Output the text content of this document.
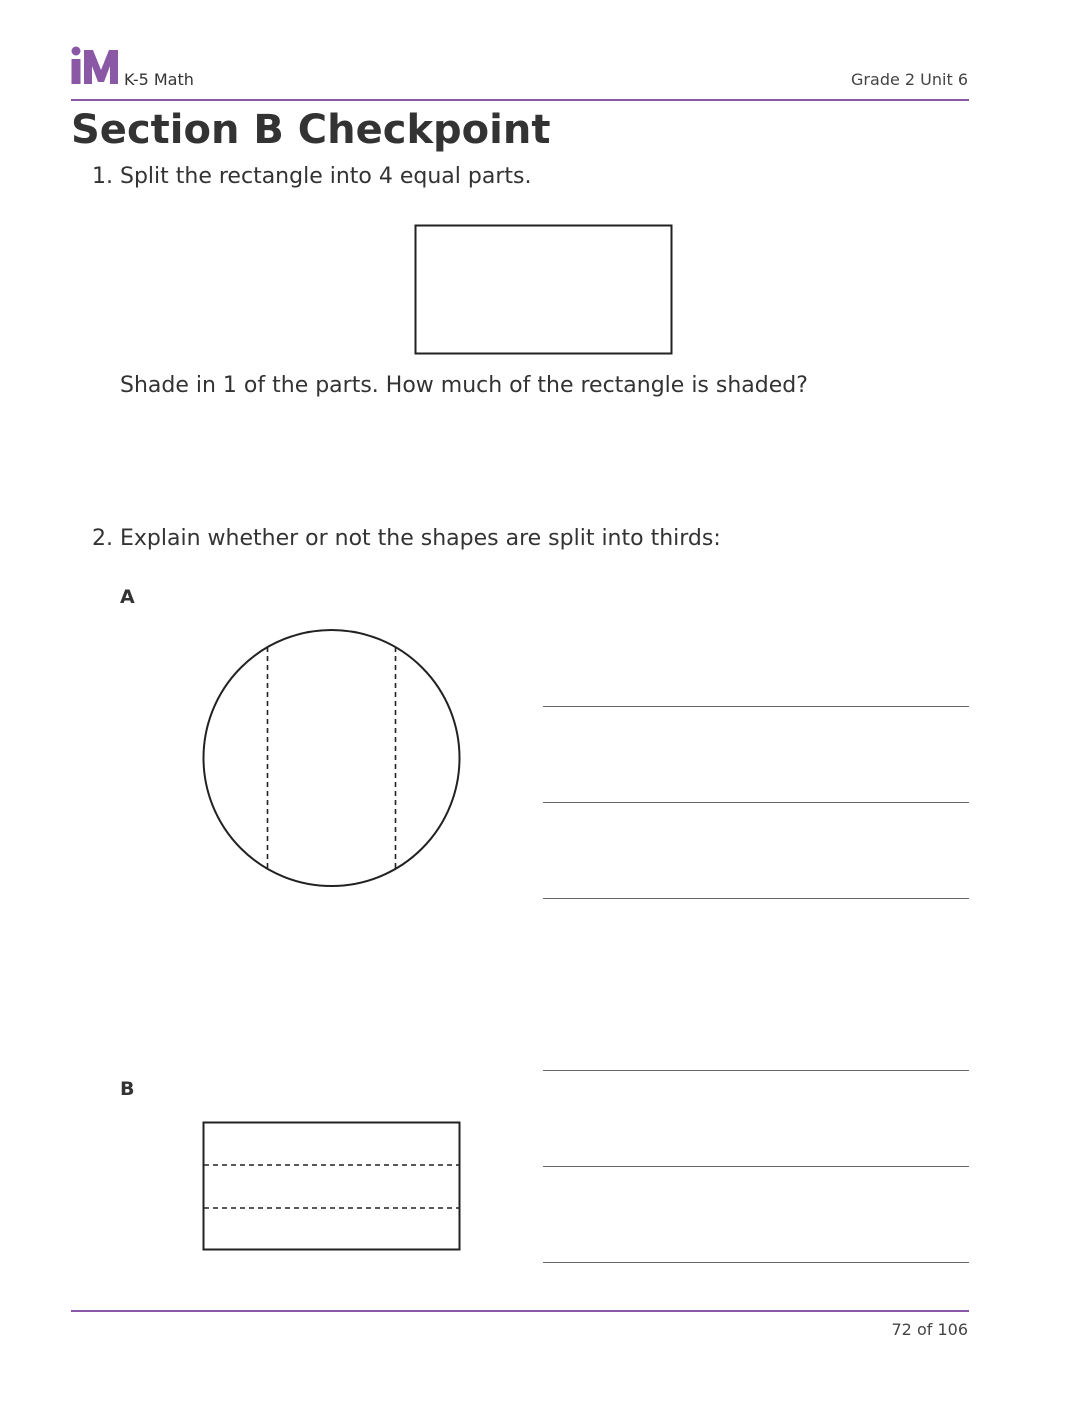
K-5 Math	Grade 2 Unit 6
Section B Checkpoint
1. Split the rectangle into 4 equal parts.
Shade in 1 of the parts. How much of the rectangle is shaded?
2. Explain whether or not the shapes are split into thirds:
A
B
72 of 106
